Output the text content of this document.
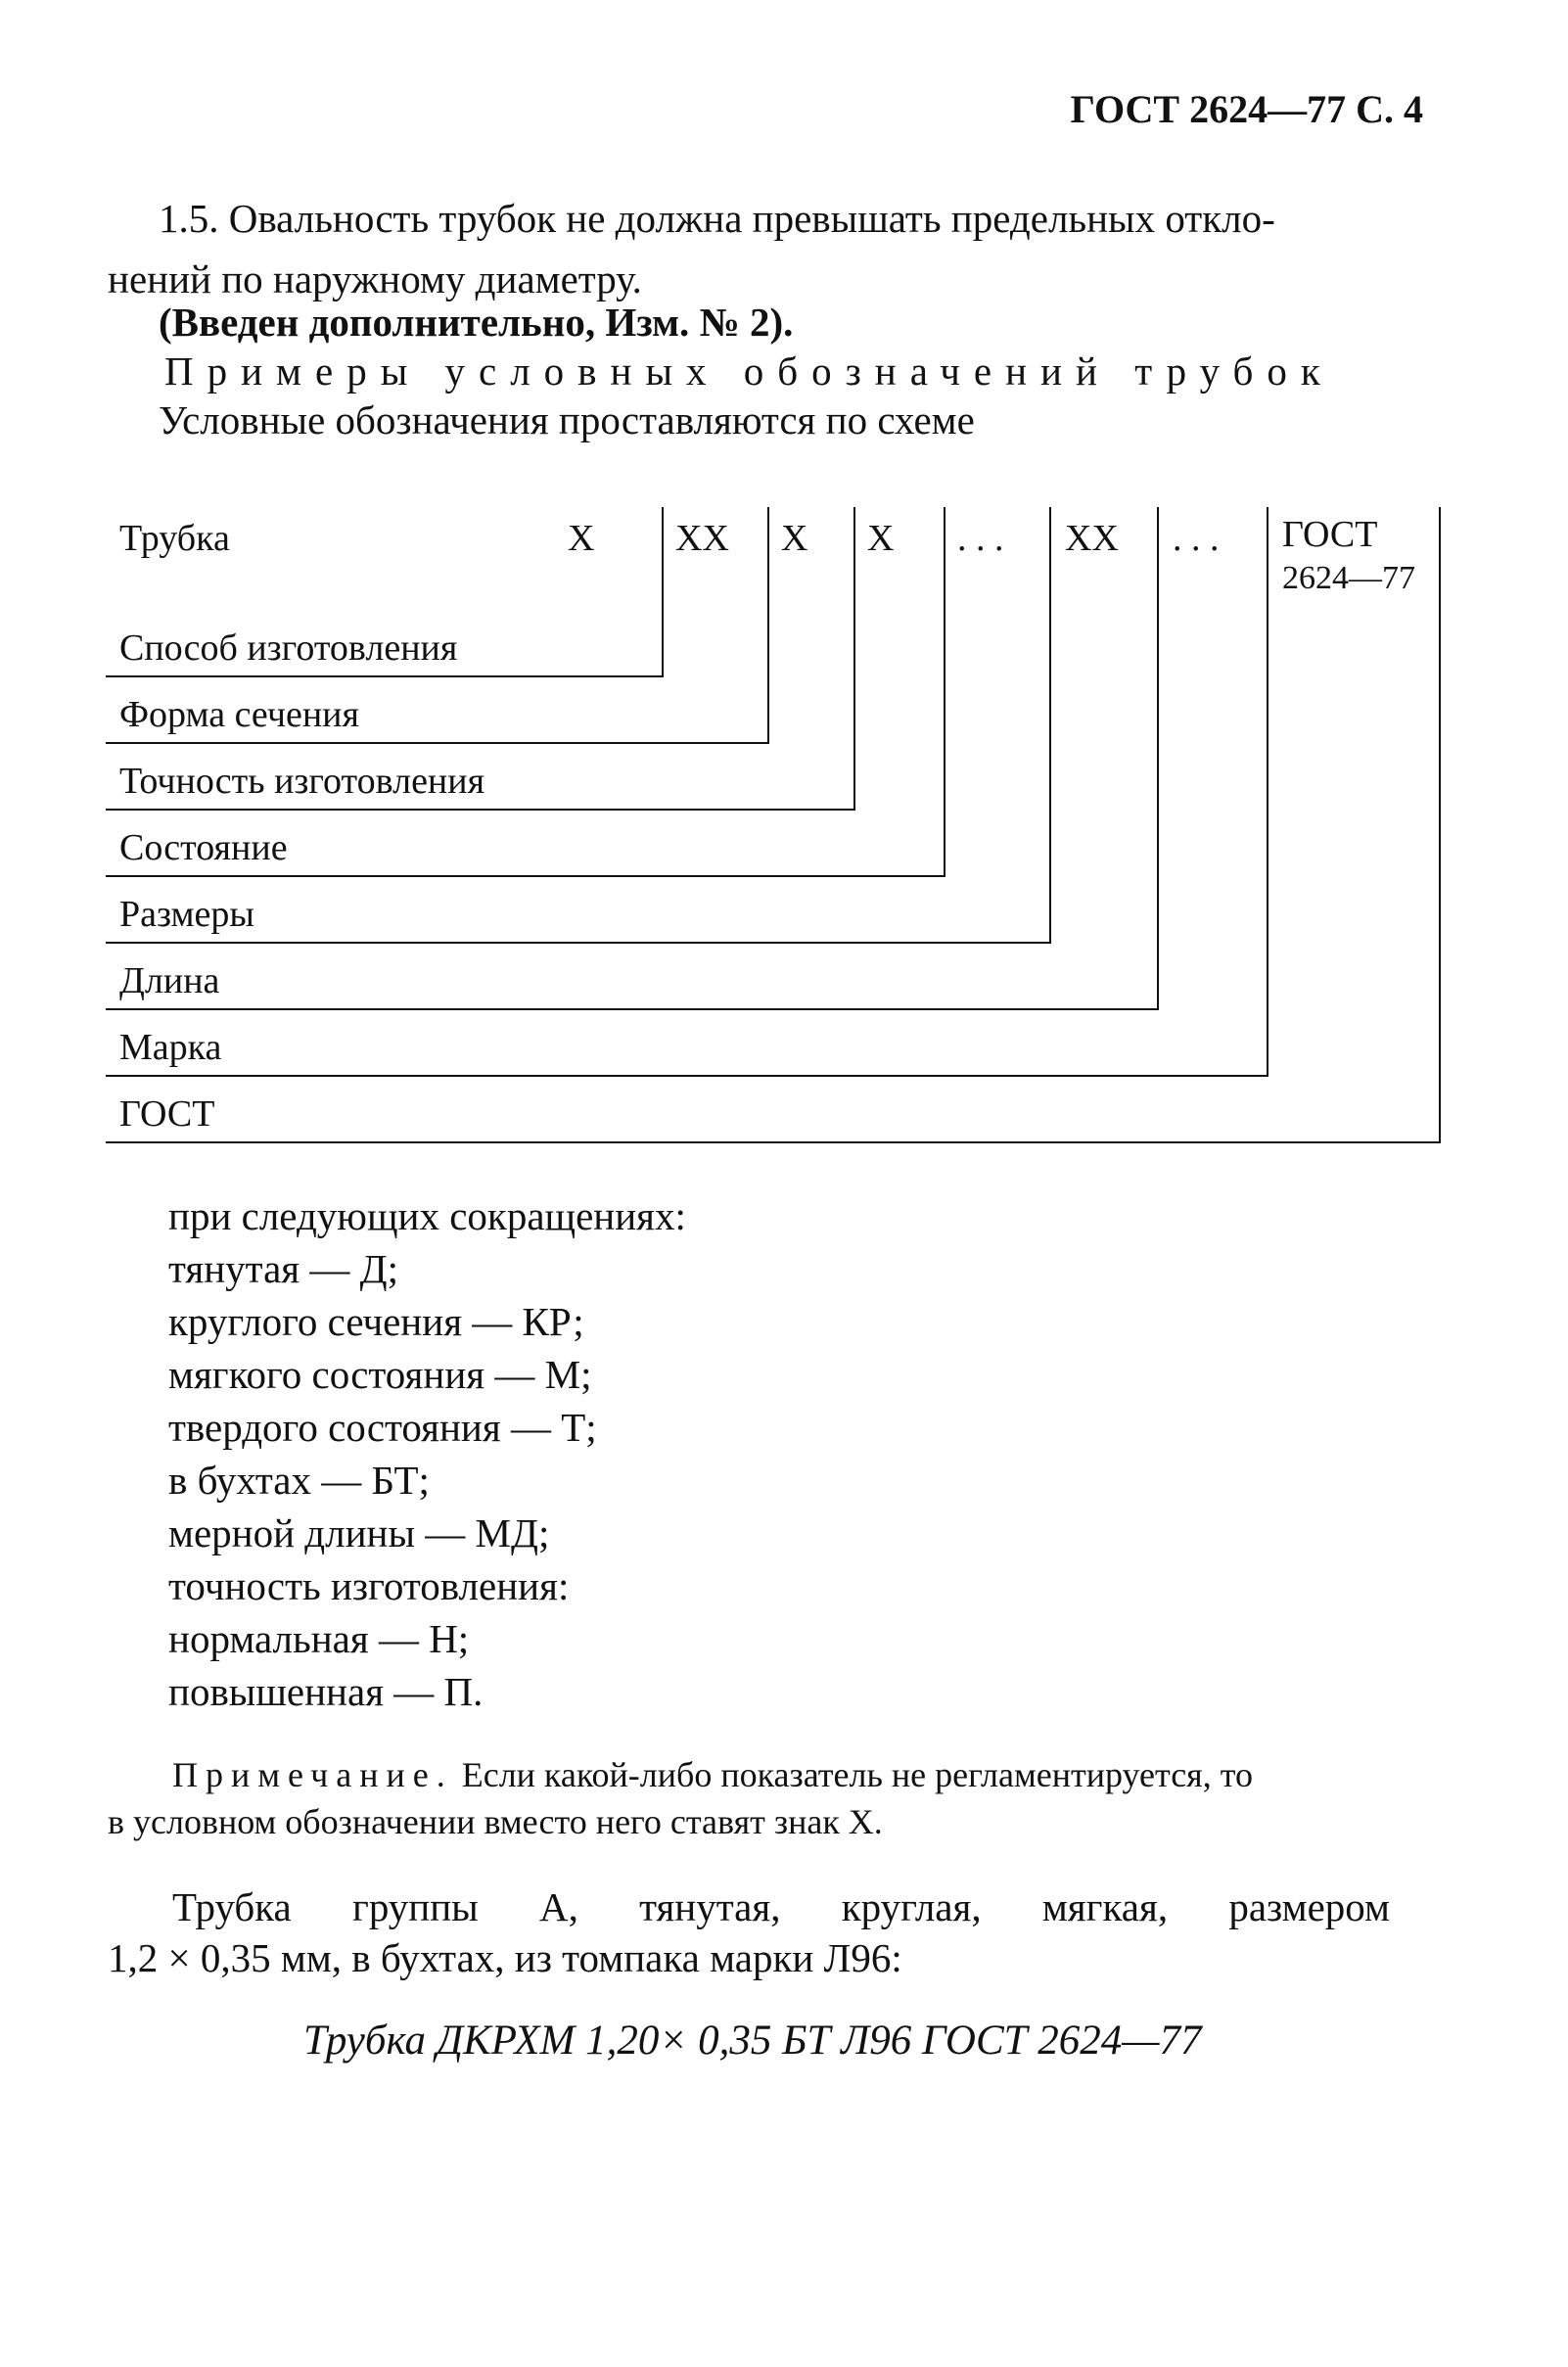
ГОСТ 2624—77 С. 4
1.5. Овальность трубок не должна превышать предельных откло-
нений по наружному диаметру.
(Введен дополнительно, Изм. № 2).
Примеры условных обозначений трубок
Условные обозначения проставляются по схеме
Трубка	X XX X X . . . XX . . . ГОСТ
2624—77
Способ изготовления
Форма сечения
Точность изготовления
Состояние
Размеры
Длина
Марка
ГОСТ
при следующих сокращениях:
тянутая — Д;
круглого сечения — КР;
мягкого состояния — М;
твердого состояния — Т;
в бухтах — БТ;
мерной длины — МД;
точность изготовления:
нормальная — Н;
повышенная — П.
Примечание. Если какой-либо показатель не регламентируется, то
в условном обозначении вместо него ставят знак X.
Трубка группы А, тянутая, круглая, мягкая, размером
1,2 × 0,35 мм, в бухтах, из томпака марки Л96:
Трубка ДКРХМ 1,20× 0,35 БТ Л96 ГОСТ 2624—77
